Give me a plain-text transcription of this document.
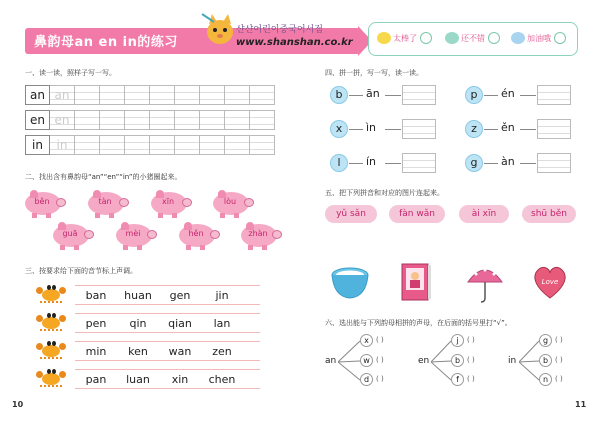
鼻韵母an en in的练习
샨샨어린이중국어서점
www.shanshan.co.kr	太棒了	还不错	加油哦
一、读一读，照样子写一写。
an an
en en
in	in
二、找出含有鼻韵母“an”“en”“in”的小猪圈起来。
běn	tàn	xīn	lòu
guā	mèi	hěn	zhàn
三、按要求给下面的音节标上声调。
ban	huan	gen	jin
pen	qin	qian	lan
min	ken	wan	zen
pan	luan	xin	chen
10
四、拼一拼，写一写，读一读。
b	ān	p	én
x	ìn	z	ěn
l	ín	g	àn
五、把下列拼音和对应的图片连起来。
yǔ sǎn	fàn wǎn	ài xīn	shū běn
Love
六、选出能与下列韵母相拼的声母，在后面的括号里打“√”。
an
x	( )
w ( )
d ( )
en
j	( )
b ( )
f	( )
in
g ( )
b ( )
n ( )
11
